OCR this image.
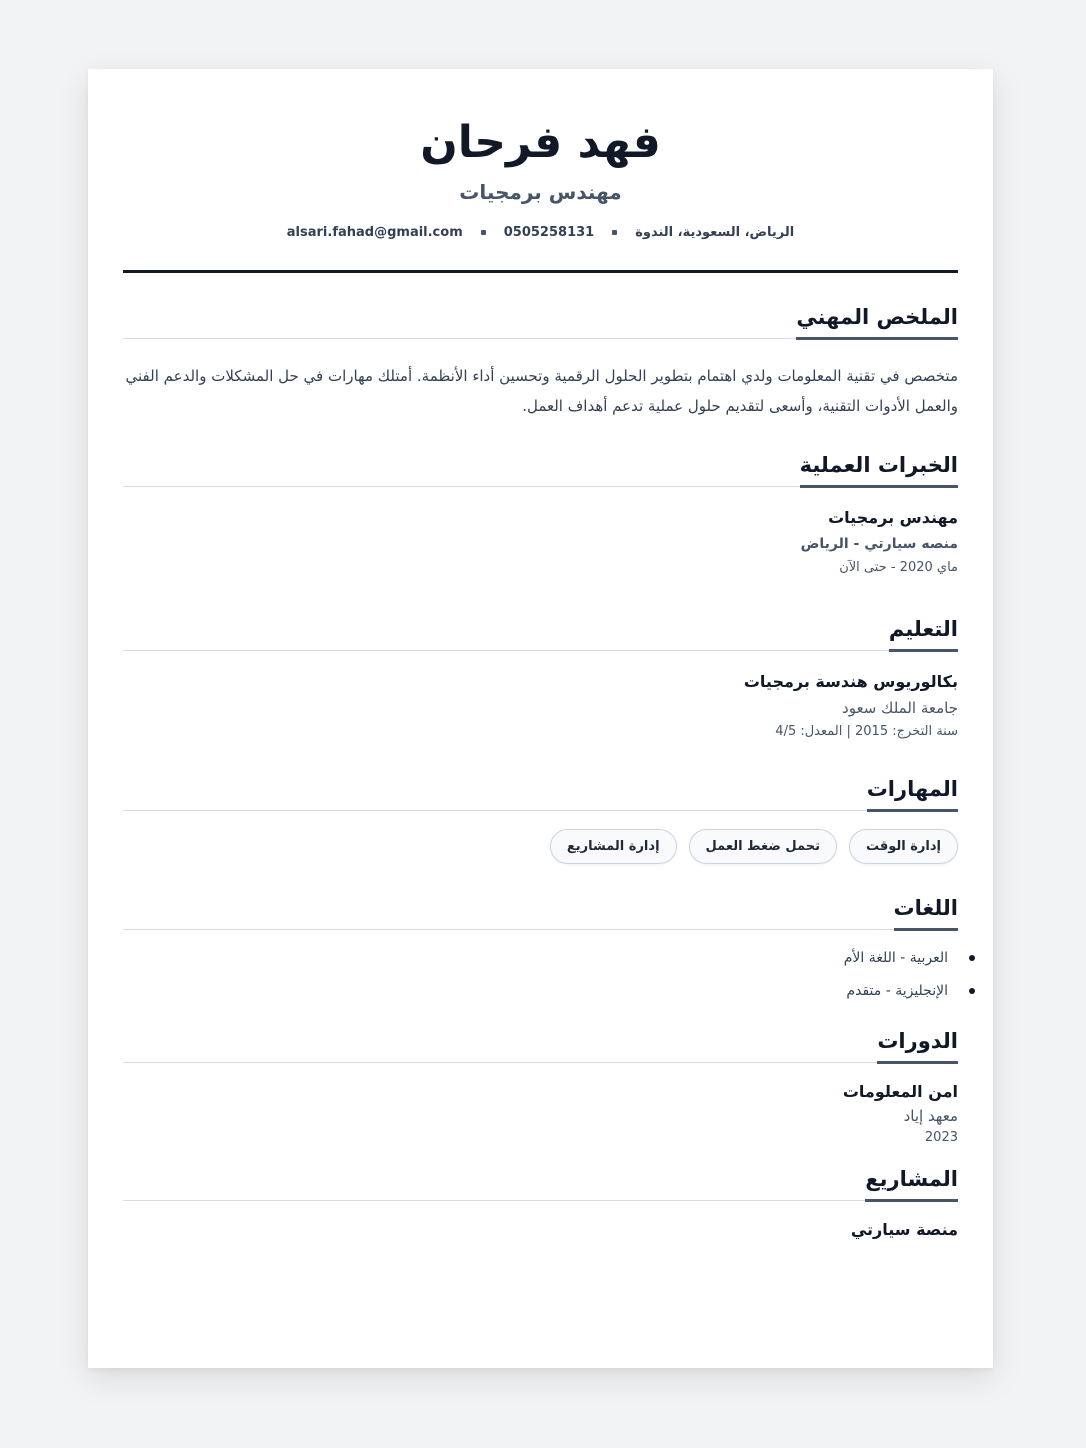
فهد فرحان
مهندس برمجيات
الرياض، السعودية، الندوة
0505258131
alsari.fahad@gmail.com
الملخص المهني

متخصص في تقنية المعلومات ولدي اهتمام بتطوير الحلول الرقمية وتحسين أداء الأنظمة. أمتلك مهارات في حل المشكلات والدعم الفني والعمل الأدوات التقنية، وأسعى لتقديم حلول عملية تدعم أهداف العمل.

الخبرات العملية
مهندس برمجيات
منصه سيارتي - الرياض
ماي 2020 - حتى الآن
التعليم
بكالوريوس هندسة برمجيات
جامعة الملك سعود
سنة التخرج: 2015 | المعدل: 4/5
المهارات
إدارة الوقت
تحمل ضغط العمل
إدارة المشاريع
اللغات
العربية - اللغة الأم
الإنجليزية - متقدم
الدورات
امن المعلومات
معهد إياد
2023
المشاريع
منصة سيارتي
